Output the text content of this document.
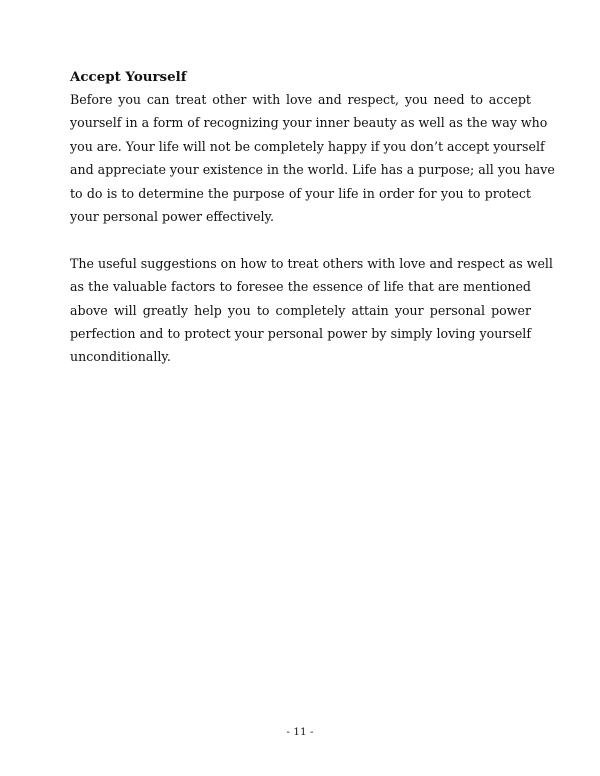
Accept Yourself
Before you can treat other with love and respect, you need to accept
yourself in a form of recognizing your inner beauty as well as the way who
you are. Your life will not be completely happy if you don’t accept yourself
and appreciate your existence in the world. Life has a purpose; all you have
to do is to determine the purpose of your life in order for you to protect
your personal power effectively.
The useful suggestions on how to treat others with love and respect as well
as the valuable factors to foresee the essence of life that are mentioned
above will greatly help you to completely attain your personal power
perfection and to protect your personal power by simply loving yourself
unconditionally.
- 11 -
